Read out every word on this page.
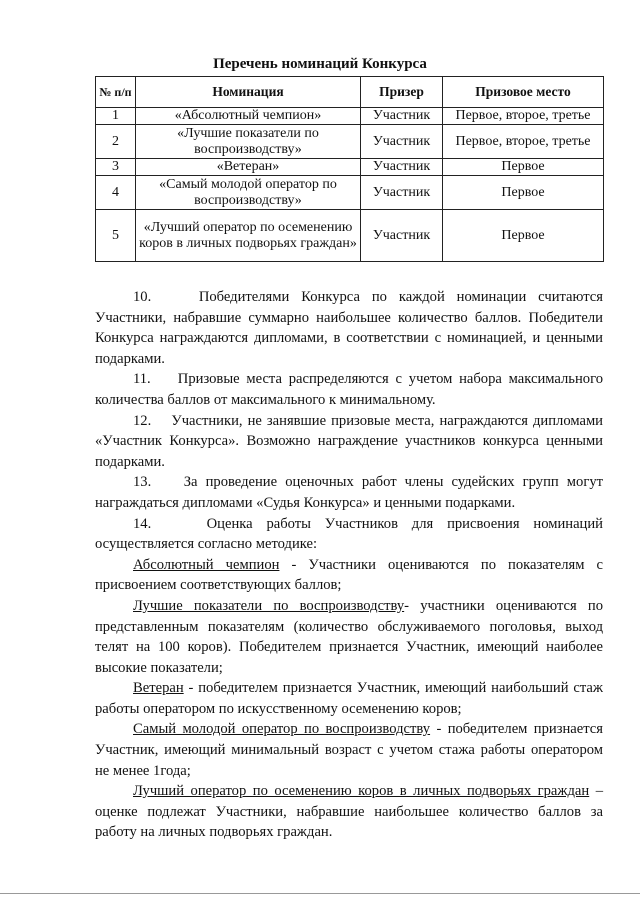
Перечень номинаций Конкурса
№ п/п	Номинация	Призер	Призовое место
1	«Абсолютный чемпион»	Участник	Первое, второе, третье
2	«Лучшие показатели по воспроизводству»	Участник	Первое, второе, третье
3	«Ветеран»	Участник	Первое
4	«Самый молодой оператор по воспроизводству»	Участник	Первое
5	«Лучший оператор по осеменению коров в личных подворьях граждан»	Участник	Первое

10.    Победителями Конкурса по каждой номинации считаются Участники, набравшие суммарно наибольшее количество баллов. Победители Конкурса награждаются дипломами, в соответствии с номинацией, и ценными подарками.

11.    Призовые места распределяются с учетом набора максимального количества баллов от максимального к минимальному.

12.    Участники, не занявшие призовые места, награждаются дипломами «Участник Конкурса». Возможно награждение участников конкурса ценными подарками.

13.    За проведение оценочных работ члены судейских групп могут награждаться дипломами «Судья Конкурса» и ценными подарками.

14.    Оценка работы Участников для присвоения номинаций осуществляется согласно методике:

Абсолютный чемпион - Участники оцениваются по показателям с присвоением соответствующих баллов;

Лучшие показатели по воспроизводству- участники оцениваются по представленным показателям (количество обслуживаемого поголовья, выход телят на 100 коров). Победителем признается Участник, имеющий наиболее высокие показатели;

Ветеран - победителем признается Участник, имеющий наибольший стаж работы оператором по искусственному осеменению коров;

Самый молодой оператор по воспроизводству - победителем признается Участник, имеющий минимальный возраст с учетом стажа работы оператором не менее 1года;

Лучший оператор по осеменению коров в личных подворьях граждан – оценке подлежат Участники, набравшие наибольшее количество баллов за работу на личных подворьях граждан.
